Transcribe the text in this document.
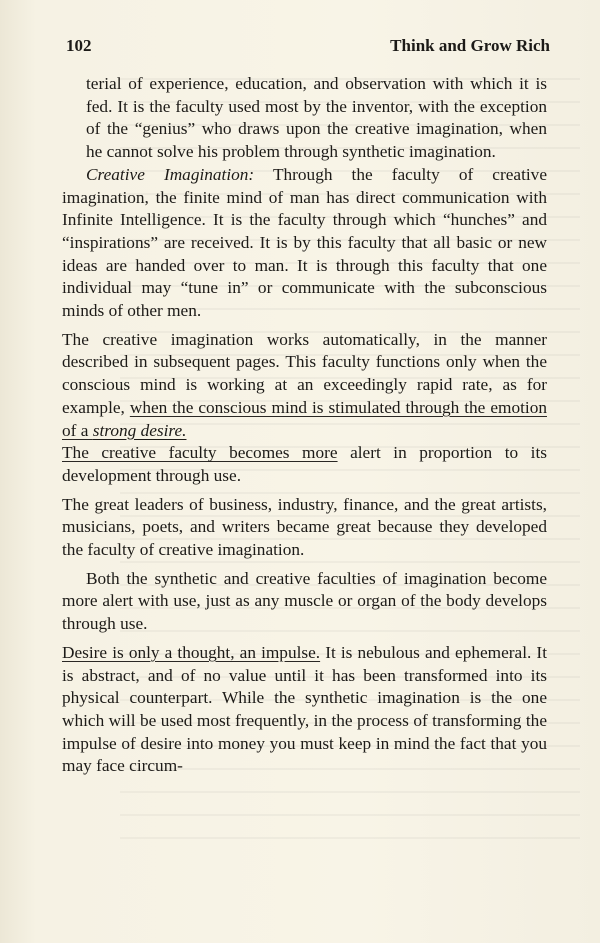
102	Think and Grow Rich

terial of experience, education, and observation with which it is fed. It is the faculty used most by the inventor, with the exception of the “genius” who draws upon the creative imagination, when he cannot solve his problem through synthetic imagination.

Creative Imagination: Through the faculty of creative imagination, the finite mind of man has direct communication with Infinite Intelligence. It is the faculty through which “hunches” and “inspirations” are received. It is by this faculty that all basic or new ideas are handed over to man. It is through this faculty that one individual may “tune in” or communicate with the subconscious minds of other men.

The creative imagination works automatically, in the manner described in subsequent pages. This faculty functions only when the conscious mind is working at an exceedingly rapid rate, as for example, when the conscious mind is stimulated through the emotion of a strong desire.

The creative faculty becomes more alert in proportion to its development through use.

The great leaders of business, industry, finance, and the great artists, musicians, poets, and writers became great because they developed the faculty of creative imagination.

Both the synthetic and creative faculties of imagination become more alert with use, just as any muscle or organ of the body develops through use.

Desire is only a thought, an impulse. It is nebulous and ephemeral. It is abstract, and of no value until it has been transformed into its physical counterpart. While the synthetic imagination is the one which will be used most frequently, in the process of transforming the impulse of desire into money you must keep in mind the fact that you may face circum-
